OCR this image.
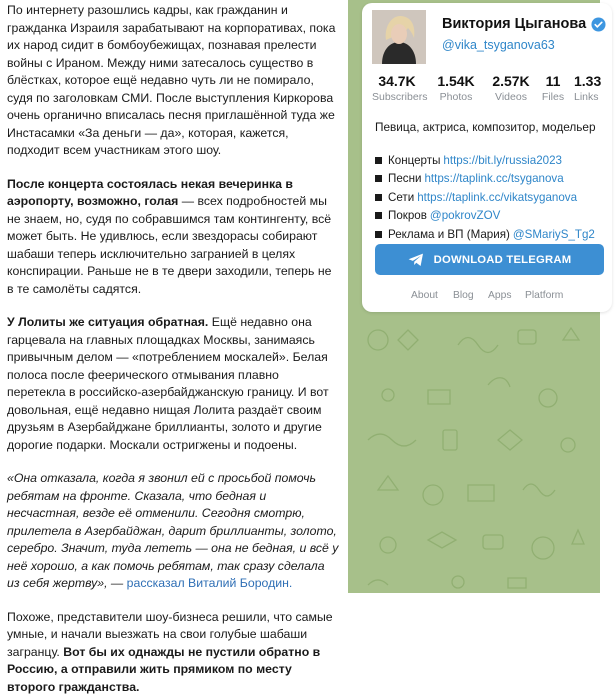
По интернету разошлись кадры, как гражданин и гражданка Израиля зарабатывают на корпоративах, пока их народ сидит в бомбоубежищах, познавая прелести войны с Ираном. Между ними затесалось существо в блёстках, которое ещё недавно чуть ли не помирало, судя по заголовкам СМИ. После выступления Киркорова очень органично вписалась песня приглашённой туда же Инстасамки «За деньги — да», которая, кажется, подходит всем участникам этого шоу.

После концерта состоялась некая вечеринка в аэропорту, возможно, голая — всех подробностей мы не знаем, но, судя по собравшимся там контингенту, всё может быть. Не удивлюсь, если звездорасы собирают шабаши теперь исключительно загранией в целях конспирации. Раньше не в те двери заходили, теперь не в те самолёты садятся.

У Лолиты же ситуация обратная. Ещё недавно она гарцевала на главных площадках Москвы, занимаясь привычным делом — «потреблением москалей». Белая полоса после феерического отмывания плавно перетекла в российско-азербайджанскую границу. И вот довольная, ещё недавно нищая Лолита раздаёт своим друзьям в Азербайджане бриллианты, золото и другие дорогие подарки. Москали остригжены и подоены.

«Она отказала, когда я звонил ей с просьбой помочь ребятам на фронте. Сказала, что бедная и несчастная, везде её отменили. Сегодня смотрю, прилетела в Азербайджан, дарит бриллианты, золото, серебро. Значит, туда лететь — она не бедная, и всё у неё хорошо, а как помочь ребятам, так сразу сделала из себя жертву», — рассказал Виталий Бородин.

Похоже, представители шоу-бизнеса решили, что самые умные, и начали выезжать на свои голубые шабаши загранцу. Вот бы их однажды не пустили обратно в Россию, а отправили жить прямиком по месту второго гражданства.

Виктория Цыганова
@vika_tsyganova63
34.7K
Subscribers
1.54K
Photos
2.57K
Videos
11
Files
1.33
Links
Певица, актриса, композитор, модельер
Концерты https://bit.ly/russia2023
Песни https://taplink.cc/tsyganova
Сети https://taplink.cc/vikatsyganova
Покров @pokrovZOV
Реклама и ВП (Мария) @SMariyS_Tg2
DOWNLOAD TELEGRAM
About Blog Apps Platform
